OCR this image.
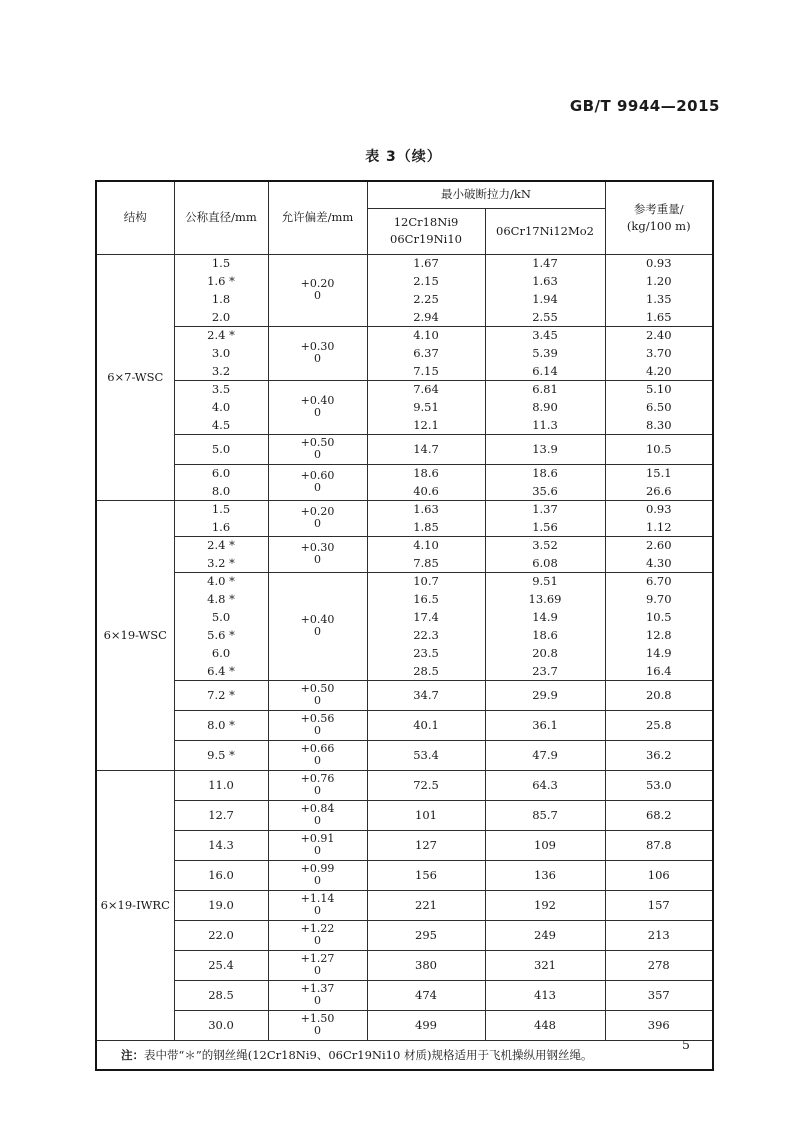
GB/T 9944—2015
表 3（续）
结构	公称直径/mm	允许偏差/mm	最小破断拉力/kN		参考重量/
(kg/100 m)
			12Cr18Ni9
06Cr19Ni10	06Cr17Ni12Mo2	
6×7-WSC	1.5	+0.20
0	1.67	1.47	0.93
	1.6 *		2.15	1.63	1.20
	1.8		2.25	1.94	1.35
	2.0		2.94	2.55	1.65
	2.4 *	+0.30
0	4.10	3.45	2.40
	3.0		6.37	5.39	3.70
	3.2		7.15	6.14	4.20
	3.5	+0.40
0	7.64	6.81	5.10
	4.0		9.51	8.90	6.50
	4.5		12.1	11.3	8.30
	5.0	+0.50
0	14.7	13.9	10.5
	6.0	+0.60
0	18.6	18.6	15.1
	8.0		40.6	35.6	26.6
6×19-WSC	1.5	+0.20
0	1.63	1.37	0.93
	1.6		1.85	1.56	1.12
	2.4 *	+0.30
0	4.10	3.52	2.60
	3.2 *		7.85	6.08	4.30
	4.0 *	+0.40
0	10.7	9.51	6.70
	4.8 *		16.5	13.69	9.70
	5.0		17.4	14.9	10.5
	5.6 *		22.3	18.6	12.8
	6.0		23.5	20.8	14.9
	6.4 *		28.5	23.7	16.4
	7.2 *	+0.50
0	34.7	29.9	20.8
	8.0 *	+0.56
0	40.1	36.1	25.8
	9.5 *	+0.66
0	53.4	47.9	36.2
6×19-IWRC	11.0	+0.76
0	72.5	64.3	53.0
	12.7	+0.84
0	101	85.7	68.2
	14.3	+0.91
0	127	109	87.8
	16.0	+0.99
0	156	136	106
	19.0	+1.14
0	221	192	157
	22.0	+1.22
0	295	249	213
	25.4	+1.27
0	380	321	278
	28.5	+1.37
0	474	413	357
	30.0	+1.50
0	499	448	396
注：表中带“＊”的钢丝绳(12Cr18Ni9、06Cr19Ni10 材质)规格适用于飞机操纵用钢丝绳。					
5
